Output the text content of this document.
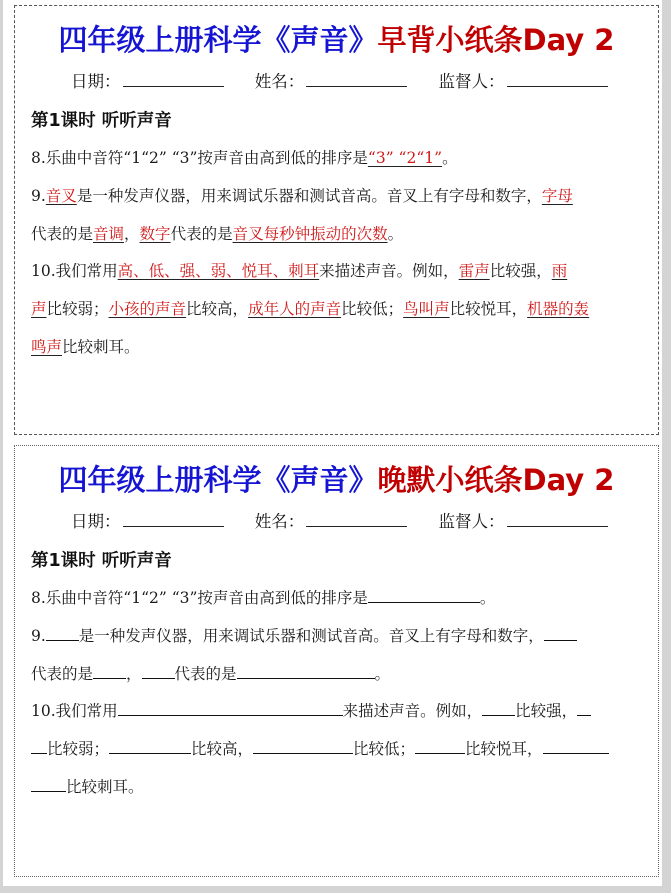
四年级上册科学《声音》早背小纸条Day 2
日期：	姓名：	监督人：
第1课时 听听声音
8.乐曲中音符“1“2” “3”按声音由高到低的排序是“3” “2“1”。
9.音叉是一种发声仪器，用来调试乐器和测试音高。音叉上有字母和数字，字母
代表的是音调，数字代表的是音叉每秒钟振动的次数。
10.我们常用高、低、强、弱、悦耳、刺耳来描述声音。例如，雷声比较强，雨
声比较弱；小孩的声音比较高，成年人的声音比较低；鸟叫声比较悦耳，机器的轰
鸣声比较刺耳。
四年级上册科学《声音》晚默小纸条Day 2
日期：	姓名：	监督人：
第1课时 听听声音
8.乐曲中音符“1“2” “3”按声音由高到低的排序是	。
9. 是一种发声仪器，用来调试乐器和测试音高。音叉上有字母和数字，
代表的是 ， 代表的是	。
10.我们常用	来描述声音。例如， 比较强，
比较弱；	比较高，	比较低；	比较悦耳，
比较刺耳。
